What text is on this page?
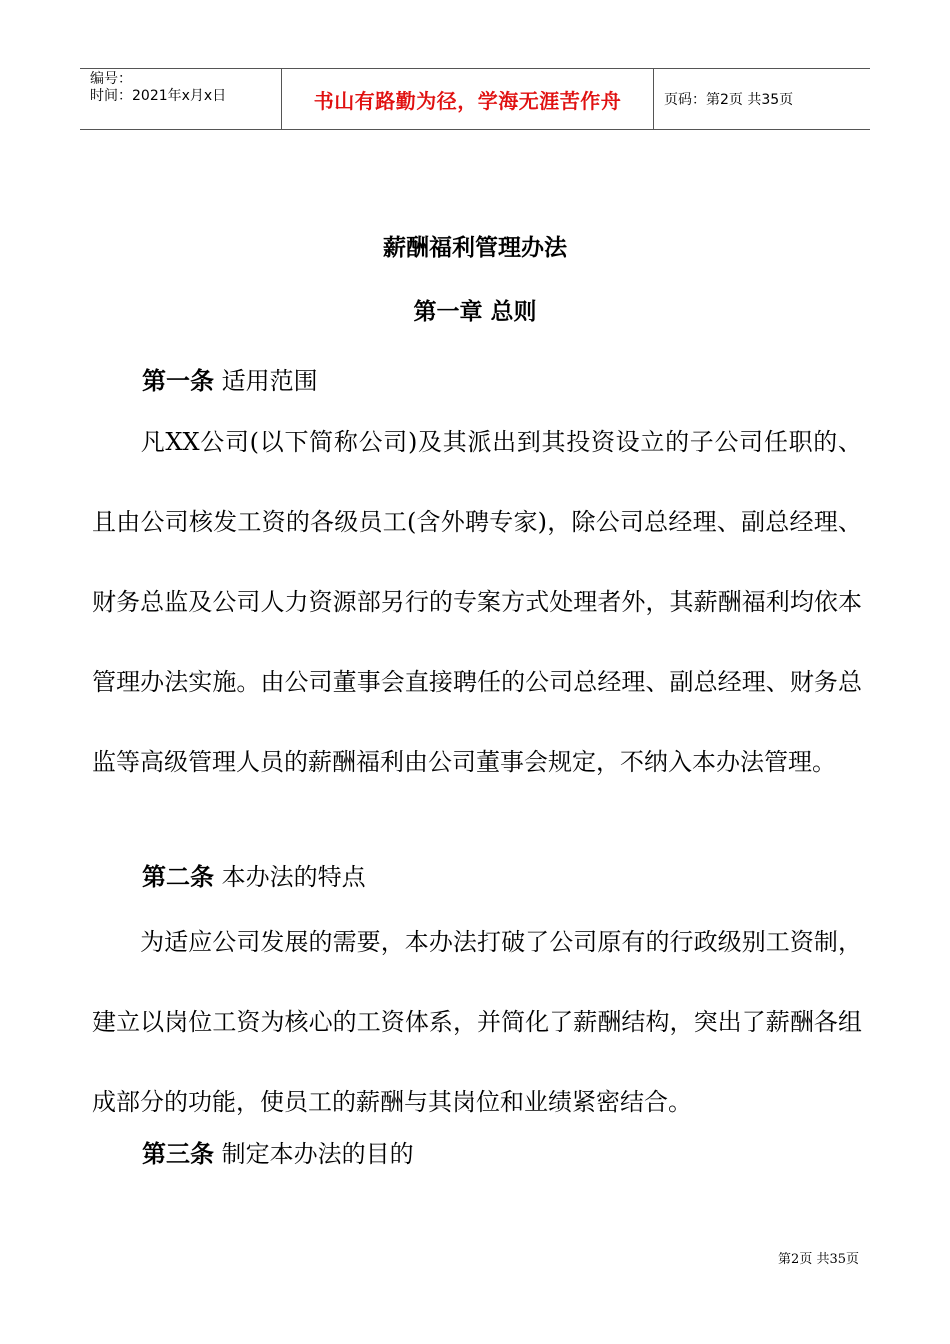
编号：
时间：2021年x月x日	书山有路勤为径，学海无涯苦作舟	页码：第2页 共35页
薪酬福利管理办法
第一章 总则
第一条 适用范围
凡XX公司(以下简称公司)及其派出到其投资设立的子公司任职的、且由公司核发工资的各级员工(含外聘专家)，除公司总经理、副总经理、财务总监及公司人力资源部另行的专案方式处理者外，其薪酬福利均依本管理办法实施。由公司董事会直接聘任的公司总经理、副总经理、财务总监等高级管理人员的薪酬福利由公司董事会规定，不纳入本办法管理。
第二条 本办法的特点
为适应公司发展的需要，本办法打破了公司原有的行政级别工资制，建立以岗位工资为核心的工资体系，并简化了薪酬结构，突出了薪酬各组成部分的功能，使员工的薪酬与其岗位和业绩紧密结合。
第三条 制定本办法的目的
第2页 共35页
